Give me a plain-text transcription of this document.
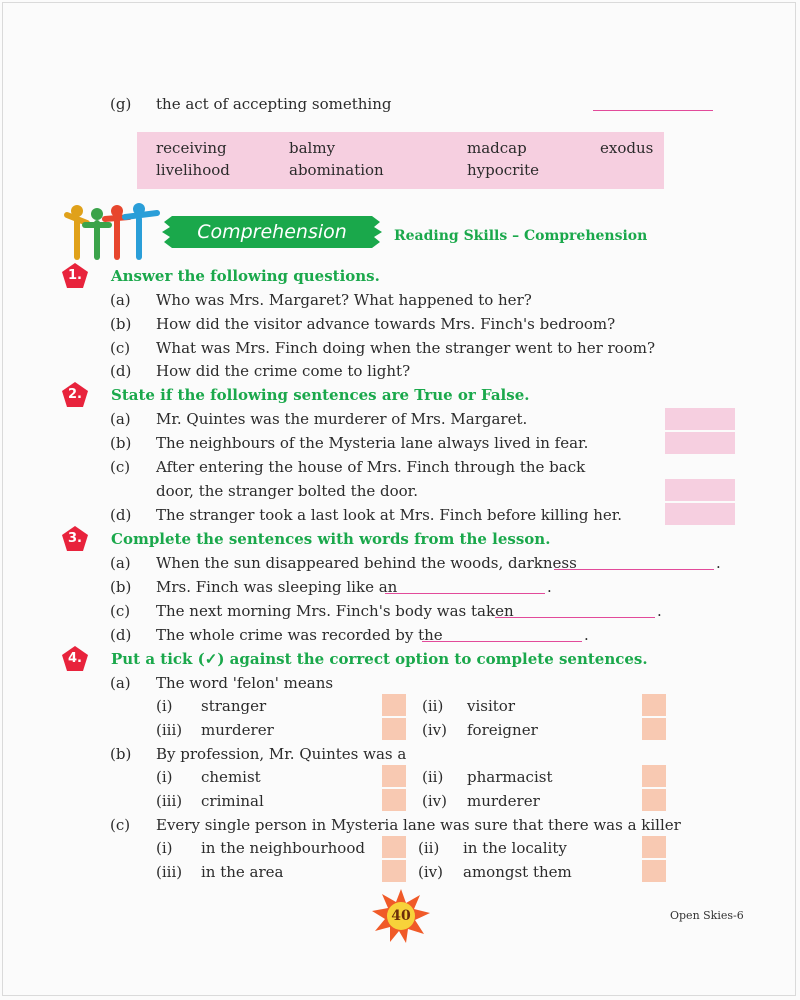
(g) the act of accepting something
receiving	balmy	madcap	exodus
livelihood	abomination	hypocrite
Comprehension	Reading Skills – Comprehension
1.	Answer the following questions.
(a) Who was Mrs. Margaret? What happened to her?
(b) How did the visitor advance towards Mrs. Finch's bedroom?
(c) What was Mrs. Finch doing when the stranger went to her room?
(d) How did the crime come to light?
2.	State if the following sentences are True or False.
(a) Mr. Quintes was the murderer of Mrs. Margaret.
(b) The neighbours of the Mysteria lane always lived in fear.
(c) After entering the house of Mrs. Finch through the back
door, the stranger bolted the door.
(d) The stranger took a last look at Mrs. Finch before killing her.
3.	Complete the sentences with words from the lesson.
(a) When the sun disappeared behind the woods, darkness	.
(b) Mrs. Finch was sleeping like an	.
(c) The next morning Mrs. Finch's body was taken	.
(d) The whole crime was recorded by the	.
4.	Put a tick (✓) against the correct option to complete sentences.
(a) The word 'felon' means
(i) stranger	(ii) visitor
(iii) murderer	(iv) foreigner
(b) By profession, Mr. Quintes was a
(i) chemist	(ii) pharmacist
(iii) criminal	(iv) murderer
(c) Every single person in Mysteria lane was sure that there was a killer
(i) in the neighbourhood	(ii) in the locality
(iii) in the area	(iv) amongst them
40	Open Skies-6
